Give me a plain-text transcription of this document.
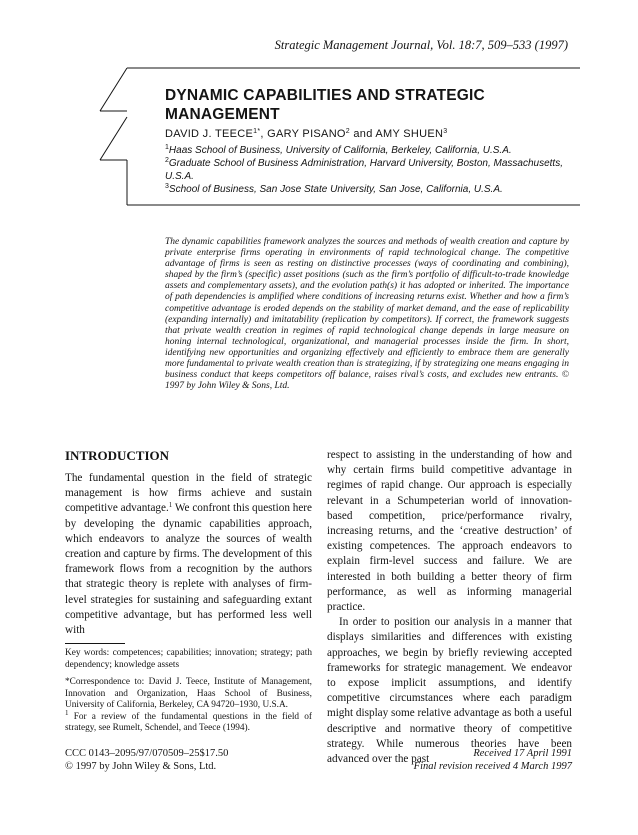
Strategic Management Journal, Vol. 18:7, 509–533 (1997)
DYNAMIC CAPABILITIES AND STRATEGIC MANAGEMENT
DAVID J. $TEECE^{1*}$, GARY PISANO$^2$ and AMY SHUEN$^3$
$^1$Haas School of Business, University of California, Berkeley, California, U.S.A.
$^2$Graduate School of Business Administration, Harvard University, Boston, Massachusetts, U.S.A.
$^3$School of Business, San Jose State University, San Jose, California, U.S.A.

The dynamic capabilities framework analyzes the sources and methods of wealth creation and capture by private enterprise firms operating in environments of rapid technological change. The competitive advantage of firms is seen as resting on distinctive processes (ways of coordinating and combining), shaped by the firm’s (specific) asset positions (such as the firm’s portfolio of difficult-to-trade knowledge assets and complementary assets), and the evolution path(s) it has adopted or inherited. The importance of path dependencies is amplified where conditions of increasing returns exist. Whether and how a firm’s competitive advantage is eroded depends on the stability of market demand, and the ease of replicability (expanding internally) and imitatability (replication by competitors). If correct, the framework suggests that private wealth creation in regimes of rapid technological change depends in large measure on honing internal technological, organizational, and managerial processes inside the firm. In short, identifying new opportunities and organizing effectively and efficiently to embrace them are generally more fundamental to private wealth creation than is strategizing, if by strategizing one means engaging in business conduct that keeps competitors off balance, raises rival’s costs, and excludes new entrants. © 1997 by John Wiley & Sons, Ltd.

INTRODUCTION

The fundamental question in the field of strategic management is how firms achieve and sustain competitive advantage.$^1$ We confront this question here by developing the dynamic capabilities approach, which endeavors to analyze the sources of wealth creation and capture by firms. The development of this framework flows from a recognition by the authors that strategic theory is replete with analyses of firm-level strategies for sustaining and safeguarding extant competitive advantage, but has performed less well with

Key words: competences; capabilities; innovation; strategy; path dependency; knowledge assets

*Correspondence to: David J. Teece, Institute of Management, Innovation and Organization, Haas School of Business, University of California, Berkeley, CA 94720–1930, U.S.A.
$^1$ For a review of the fundamental questions in the field of strategy, see Rumelt, Schendel, and Teece (1994).

respect to assisting in the understanding of how and why certain firms build competitive advantage in regimes of rapid change. Our approach is especially relevant in a Schumpeterian world of innovation-based competition, price/performance rivalry, increasing returns, and the ‘creative destruction’ of existing competences. The approach endeavors to explain firm-level success and failure. We are interested in both building a better theory of firm performance, as well as informing managerial practice.

In order to position our analysis in a manner that displays similarities and differences with existing approaches, we begin by briefly reviewing accepted frameworks for strategic management. We endeavor to expose implicit assumptions, and identify competitive circumstances where each paradigm might display some relative advantage as both a useful descriptive and normative theory of competitive strategy. While numerous theories have been advanced over the past

CCC 0143–2095/97/070509–25$17.50
© 1997 by John Wiley & Sons, Ltd.
Received 17 April 1991
Final revision received 4 March 1997
